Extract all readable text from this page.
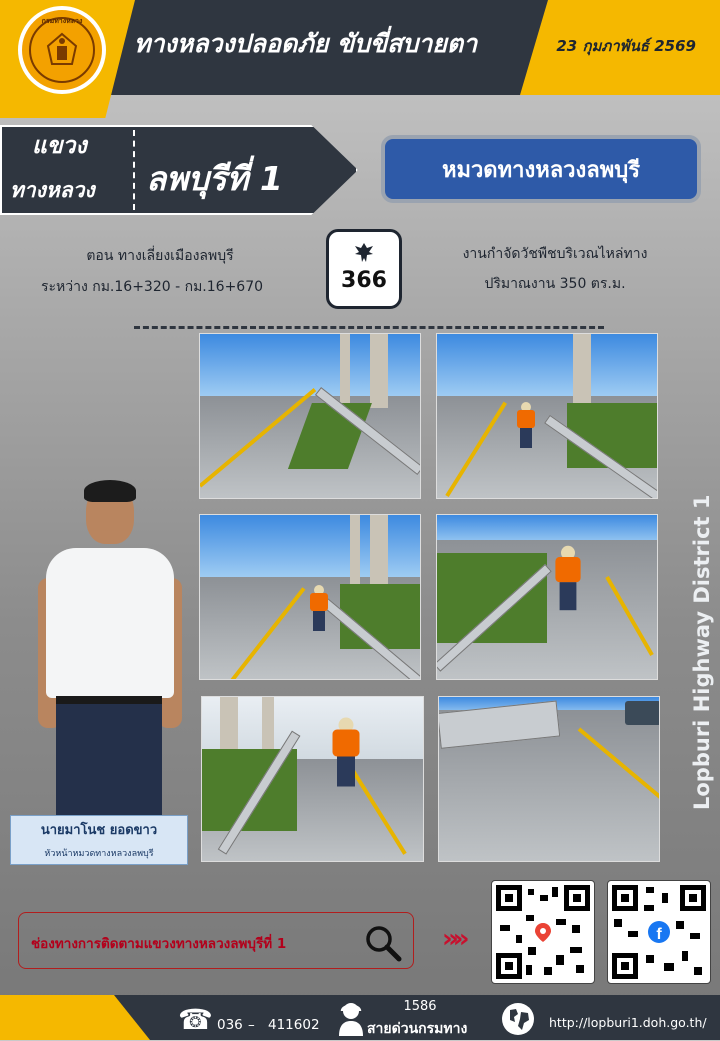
กรมทางหลวง
ทางหลวงปลอดภัย ขับขี่สบายตา	23 กุมภาพันธ์ 2569
แขวง
ทางหลวง ลพบุรีที่ 1	หมวดทางหลวงลพบุรี
ตอน ทางเลี่ยงเมืองลพบุรี
ระหว่าง กม.16+320 - กม.16+670	366
งานกำจัดวัชพืชบริเวณไหล่ทาง
ปริมาณงาน 350 ตร.ม.
นายมาโนช ยอดขาว
หัวหน้าหมวดทางหลวงลพบุรี
Lopburi Highway District 1
ช่องทางการติดตามแขวงทางหลวงลพบุรีที่ 1	»»	f
☎ 036 – 411602
1586
สายด่วนกรมทาง	http://lopburi1.doh.go.th/
